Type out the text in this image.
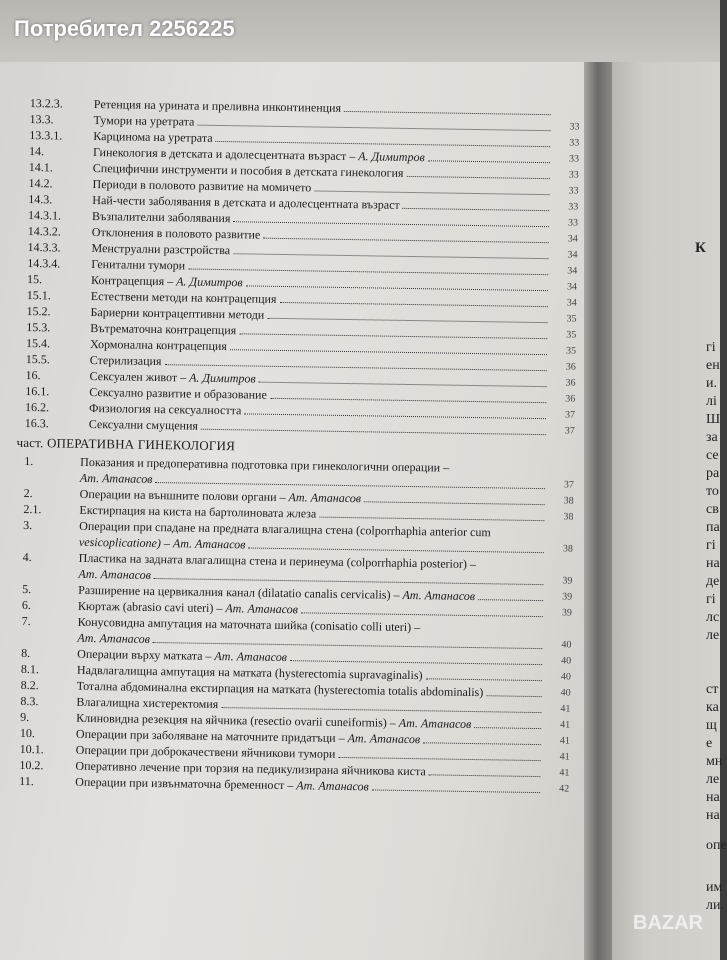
Потребител 2256225
13.2.3.	Ретенция на урината и преливна инконтиненция
13.3.	Тумори на уретрата	33
13.3.1.	Карцинома на уретрата	33
14.	Гинекология в детската и адолесцентната възраст – А. Димитров	33
14.1.	Специфични инструменти и пособия в детската гинекология	33
14.2.	Периоди в половото развитие на момичето	33
14.3.	Най-чести заболявания в детската и адолесцентната възраст	33
14.3.1.	Възпалителни заболявания	33
14.3.2.	Отклонения в половото развитие	34
14.3.3.	Менструални разстройства	34
14.3.4.	Генитални тумори	34
15.	Контрацепция – А. Димитров	34
15.1.	Естествени методи на контрацепция	34
15.2.	Бариерни контрацептивни методи	35
15.3.	Вътрематочна контрацепция	35
15.4.	Хормонална контрацепция	35
15.5.	Стерилизация	36
16.	Сексуален живот – А. Димитров	36
16.1.	Сексуално развитие и образование	36
16.2.	Физиология на сексуалността	37
16.3.	Сексуални смущения	37
част. ОПЕРАТИВНА ГИНЕКОЛОГИЯ
1.	Показания и предоперативна подготовка при гинекологични операции –
Ат. Атанасов	37
2.	Операции на външните полови органи – Ат. Атанасов	38
2.1.	Екстирпация на киста на бартолиновата жлеза	38
3.	Операции при спадане на предната влагалищна стена (colporrhaphia anterior cum
vesicoplicatione) – Ат. Атанасов	38
4.	Пластика на задната влагалищна стена и перинеума (colporrhaphia posterior) –
Ат. Атанасов	39
5.	Разширение на цервикалния канал (dilatatio canalis cervicalis) – Ат. Атанасов	39
6.	Кюртаж (abrasio cavi uteri) – Ат. Атанасов	39
7.	Конусовидна ампутация на маточната шийка (conisatio colli uteri) –
Ат. Атанасов	40
8.	Операции върху матката – Ат. Атанасов	40
8.1.	Надвлагалищна ампутация на матката (hysterectomia supravaginalis)	40
8.2.	Тотална абдоминална екстирпация на матката (hysterectomia totalis abdominalis)	40
8.3.	Влагалищна хистеректомия	41
9.	Клиновидна резекция на яйчника (resectio ovarii cuneiformis) – Ат. Атанасов	41
10.	Операции при заболяване на маточните придатъци – Ат. Атанасов	41
10.1.	Операции при доброкачествени яйчникови тумори	41
10.2.	Оперативно лечение при торзия на педикулизирана яйчникова киста	41
11.	Операции при извънматочна бременност – Ат. Атанасов	42
К
гі
ен
и.
лі
Ш
за
се
ра
то
св
па
гі
на
де
гі
лс
ле
ст
ка
щ
е
мн
ле
на
на
опе
им
ли.
BAZAR
